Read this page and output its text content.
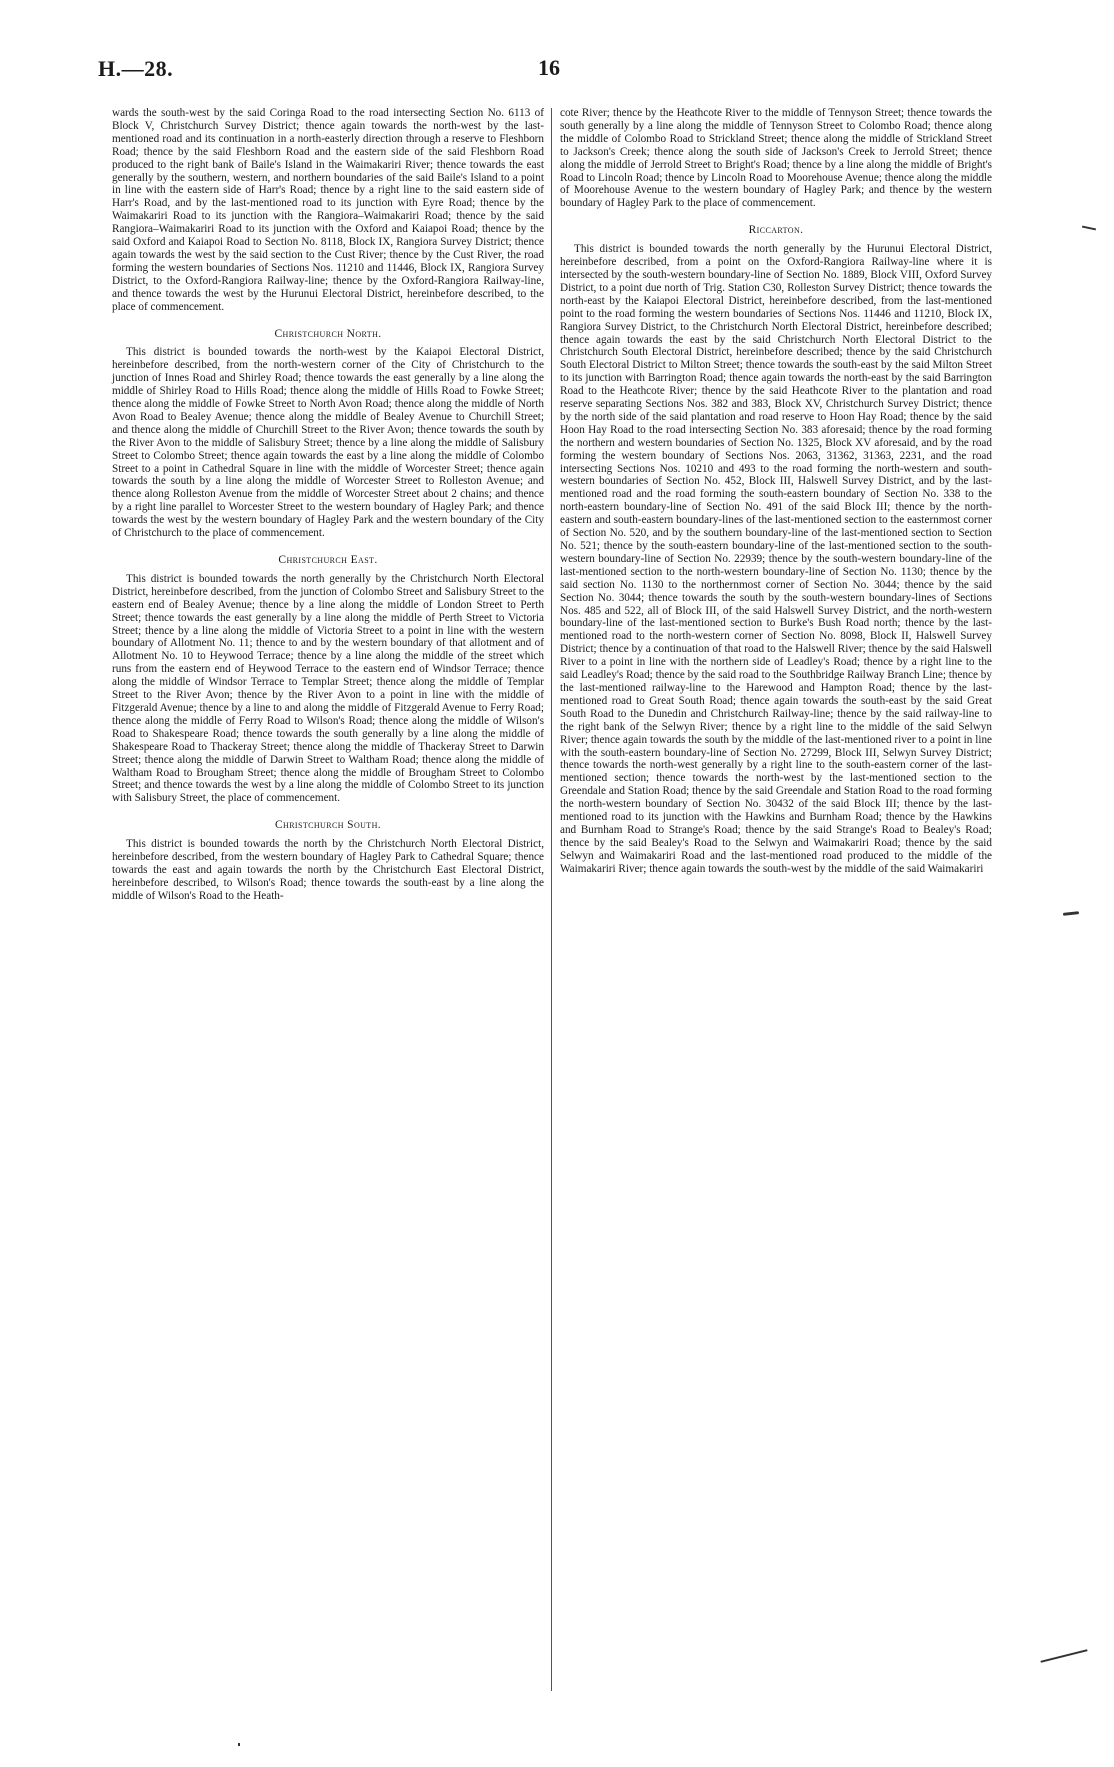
H.—28.	16

wards the south-west by the said Coringa Road to the road intersecting Section No. 6113 of Block V, Christchurch Survey District; thence again towards the north-west by the last-mentioned road and its continuation in a north-easterly direction through a reserve to Fleshborn Road; thence by the said Fleshborn Road and the eastern side of the said Fleshborn Road produced to the right bank of Baile's Island in the Waimakariri River; thence towards the east generally by the southern, western, and northern boundaries of the said Baile's Island to a point in line with the eastern side of Harr's Road; thence by a right line to the said eastern side of Harr's Road, and by the last-mentioned road to its junction with Eyre Road; thence by the Waimakariri Road to its junction with the Rangiora–Waimakariri Road; thence by the said Rangiora–Waimakariri Road to its junction with the Oxford and Kaiapoi Road; thence by the said Oxford and Kaiapoi Road to Section No. 8118, Block IX, Rangiora Survey District; thence again towards the west by the said section to the Cust River; thence by the Cust River, the road forming the western boundaries of Sections Nos. 11210 and 11446, Block IX, Rangiora Survey District, to the Oxford-Rangiora Railway-line; thence by the Oxford-Rangiora Railway-line, and thence towards the west by the Hurunui Electoral District, hereinbefore described, to the place of commencement.

Christchurch North.

This district is bounded towards the north-west by the Kaiapoi Electoral District, hereinbefore described, from the north-western corner of the City of Christchurch to the junction of Innes Road and Shirley Road; thence towards the east generally by a line along the middle of Shirley Road to Hills Road; thence along the middle of Hills Road to Fowke Street; thence along the middle of Fowke Street to North Avon Road; thence along the middle of North Avon Road to Bealey Avenue; thence along the middle of Bealey Avenue to Churchill Street; and thence along the middle of Churchill Street to the River Avon; thence towards the south by the River Avon to the middle of Salisbury Street; thence by a line along the middle of Salisbury Street to Colombo Street; thence again towards the east by a line along the middle of Colombo Street to a point in Cathedral Square in line with the middle of Worcester Street; thence again towards the south by a line along the middle of Worcester Street to Rolleston Avenue; and thence along Rolleston Avenue from the middle of Worcester Street about 2 chains; and thence by a right line parallel to Worcester Street to the western boundary of Hagley Park; and thence towards the west by the western boundary of Hagley Park and the western boundary of the City of Christchurch to the place of commencement.

Christchurch East.

This district is bounded towards the north generally by the Christchurch North Electoral District, hereinbefore described, from the junction of Colombo Street and Salisbury Street to the eastern end of Bealey Avenue; thence by a line along the middle of London Street to Perth Street; thence towards the east generally by a line along the middle of Perth Street to Victoria Street; thence by a line along the middle of Victoria Street to a point in line with the western boundary of Allotment No. 11; thence to and by the western boundary of that allotment and of Allotment No. 10 to Heywood Terrace; thence by a line along the middle of the street which runs from the eastern end of Heywood Terrace to the eastern end of Windsor Terrace; thence along the middle of Windsor Terrace to Templar Street; thence along the middle of Templar Street to the River Avon; thence by the River Avon to a point in line with the middle of Fitzgerald Avenue; thence by a line to and along the middle of Fitzgerald Avenue to Ferry Road; thence along the middle of Ferry Road to Wilson's Road; thence along the middle of Wilson's Road to Shakespeare Road; thence towards the south generally by a line along the middle of Shakespeare Road to Thackeray Street; thence along the middle of Thackeray Street to Darwin Street; thence along the middle of Darwin Street to Waltham Road; thence along the middle of Waltham Road to Brougham Street; thence along the middle of Brougham Street to Colombo Street; and thence towards the west by a line along the middle of Colombo Street to its junction with Salisbury Street, the place of commencement.

Christchurch South.

This district is bounded towards the north by the Christchurch North Electoral District, hereinbefore described, from the western boundary of Hagley Park to Cathedral Square; thence towards the east and again towards the north by the Christchurch East Electoral District, hereinbefore described, to Wilson's Road; thence towards the south-east by a line along the middle of Wilson's Road to the Heath-

cote River; thence by the Heathcote River to the middle of Tennyson Street; thence towards the south generally by a line along the middle of Tennyson Street to Colombo Road; thence along the middle of Colombo Road to Strickland Street; thence along the middle of Strickland Street to Jackson's Creek; thence along the south side of Jackson's Creek to Jerrold Street; thence along the middle of Jerrold Street to Bright's Road; thence by a line along the middle of Bright's Road to Lincoln Road; thence by Lincoln Road to Moorehouse Avenue; thence along the middle of Moorehouse Avenue to the western boundary of Hagley Park; and thence by the western boundary of Hagley Park to the place of commencement.

Riccarton.

This district is bounded towards the north generally by the Hurunui Electoral District, hereinbefore described, from a point on the Oxford-Rangiora Railway-line where it is intersected by the south-western boundary-line of Section No. 1889, Block VIII, Oxford Survey District, to a point due north of Trig. Station C30, Rolleston Survey District; thence towards the north-east by the Kaiapoi Electoral District, hereinbefore described, from the last-mentioned point to the road forming the western boundaries of Sections Nos. 11446 and 11210, Block IX, Rangiora Survey District, to the Christchurch North Electoral District, hereinbefore described; thence again towards the east by the said Christchurch North Electoral District to the Christchurch South Electoral District, hereinbefore described; thence by the said Christchurch South Electoral District to Milton Street; thence towards the south-east by the said Milton Street to its junction with Barrington Road; thence again towards the north-east by the said Barrington Road to the Heathcote River; thence by the said Heathcote River to the plantation and road reserve separating Sections Nos. 382 and 383, Block XV, Christchurch Survey District; thence by the north side of the said plantation and road reserve to Hoon Hay Road; thence by the said Hoon Hay Road to the road intersecting Section No. 383 aforesaid; thence by the road forming the northern and western boundaries of Section No. 1325, Block XV aforesaid, and by the road forming the western boundary of Sections Nos. 2063, 31362, 31363, 2231, and the road intersecting Sections Nos. 10210 and 493 to the road forming the north-western and south-western boundaries of Section No. 452, Block III, Halswell Survey District, and by the last-mentioned road and the road forming the south-eastern boundary of Section No. 338 to the north-eastern boundary-line of Section No. 491 of the said Block III; thence by the north-eastern and south-eastern boundary-lines of the last-mentioned section to the easternmost corner of Section No. 520, and by the southern boundary-line of the last-mentioned section to Section No. 521; thence by the south-eastern boundary-line of the last-mentioned section to the south-western boundary-line of Section No. 22939; thence by the south-western boundary-line of the last-mentioned section to the north-western boundary-line of Section No. 1130; thence by the said section No. 1130 to the northernmost corner of Section No. 3044; thence by the said Section No. 3044; thence towards the south by the south-western boundary-lines of Sections Nos. 485 and 522, all of Block III, of the said Halswell Survey District, and the north-western boundary-line of the last-mentioned section to Burke's Bush Road north; thence by the last-mentioned road to the north-western corner of Section No. 8098, Block II, Halswell Survey District; thence by a continuation of that road to the Halswell River; thence by the said Halswell River to a point in line with the northern side of Leadley's Road; thence by a right line to the said Leadley's Road; thence by the said road to the Southbridge Railway Branch Line; thence by the last-mentioned railway-line to the Harewood and Hampton Road; thence by the last-mentioned road to Great South Road; thence again towards the south-east by the said Great South Road to the Dunedin and Christchurch Railway-line; thence by the said railway-line to the right bank of the Selwyn River; thence by a right line to the middle of the said Selwyn River; thence again towards the south by the middle of the last-mentioned river to a point in line with the south-eastern boundary-line of Section No. 27299, Block III, Selwyn Survey District; thence towards the north-west generally by a right line to the south-eastern corner of the last-mentioned section; thence towards the north-west by the last-mentioned section to the Greendale and Station Road; thence by the said Greendale and Station Road to the road forming the north-western boundary of Section No. 30432 of the said Block III; thence by the last-mentioned road to its junction with the Hawkins and Burnham Road; thence by the Hawkins and Burnham Road to Strange's Road; thence by the said Strange's Road to Bealey's Road; thence by the said Bealey's Road to the Selwyn and Waimakariri Road; thence by the said Selwyn and Waimakariri Road and the last-mentioned road produced to the middle of the Waimakariri River; thence again towards the south-west by the middle of the said Waimakariri
